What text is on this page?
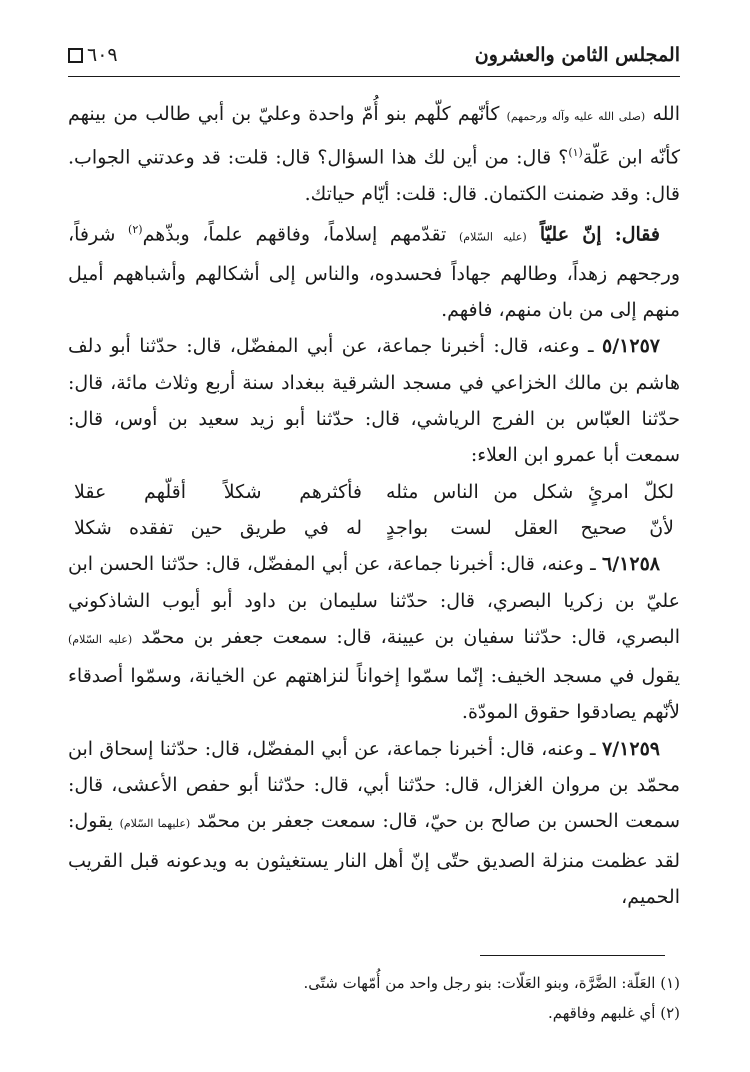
المجلس الثامن والعشرون
٦٠٩

الله (صلى الله عليه وآله ورحمهم) كأنّهم كلّهم بنو أُمّ واحدة وعليّ بن أبي طالب من بينهم كأنّه ابن عَلّة$^{(١)}$؟ قال: من أين لك هذا السؤال؟ قال: قلت: قد وعدتني الجواب. قال: وقد ضمنت الكتمان. قال: قلت: أيّام حياتك.

فقال: إنّ عليّاً (عليه السّلام) تقدّمهم إسلاماً، وفاقهم علماً، وبذّهم$^{(٢)}$ شرفاً، ورجحهم زهداً، وطالهم جهاداً فحسدوه، والناس إلى أشكالهم وأشباههم أميل منهم إلى من بان منهم، فافهم.

٥/١٢٥٧ ـ وعنه، قال: أخبرنا جماعة، عن أبي المفضّل، قال: حدّثنا أبو دلف هاشم بن مالك الخزاعي في مسجد الشرقية ببغداد سنة أربع وثلاث مائة، قال: حدّثنا العبّاس بن الفرج الرياشي، قال: حدّثنا أبو زيد سعيد بن أوس، قال: سمعت أبا عمرو ابن العلاء:

لكلّ امرئٍ شكل من الناس مثله
فأكثرهم شكلاً أقلّهم عقلا
لأنّ صحيح العقل لست بواجدٍ
له في طريق حين تفقده شكلا

٦/١٢٥٨ ـ وعنه، قال: أخبرنا جماعة، عن أبي المفضّل، قال: حدّثنا الحسن ابن عليّ بن زكريا البصري، قال: حدّثنا سليمان بن داود أبو أيوب الشاذكوني البصري، قال: حدّثنا سفيان بن عيينة، قال: سمعت جعفر بن محمّد (عليه السّلام) يقول في مسجد الخيف: إنّما سمّوا إخواناً لنزاهتهم عن الخيانة، وسمّوا أصدقاء لأنّهم يصادقوا حقوق المودّة.

٧/١٢٥٩ ـ وعنه، قال: أخبرنا جماعة، عن أبي المفضّل، قال: حدّثنا إسحاق ابن محمّد بن مروان الغزال، قال: حدّثنا أبي، قال: حدّثنا أبو حفص الأعشى، قال: سمعت الحسن بن صالح بن حيّ، قال: سمعت جعفر بن محمّد (عليهما السّلام) يقول: لقد عظمت منزلة الصديق حتّى إنّ أهل النار يستغيثون به ويدعونه قبل القريب الحميم،

(١) العَلّة: الضَّرَّة، وبنو العَلّات: بنو رجل واحد من أُمّهات شتّى.

(٢) أي غلبهم وفاقهم.
